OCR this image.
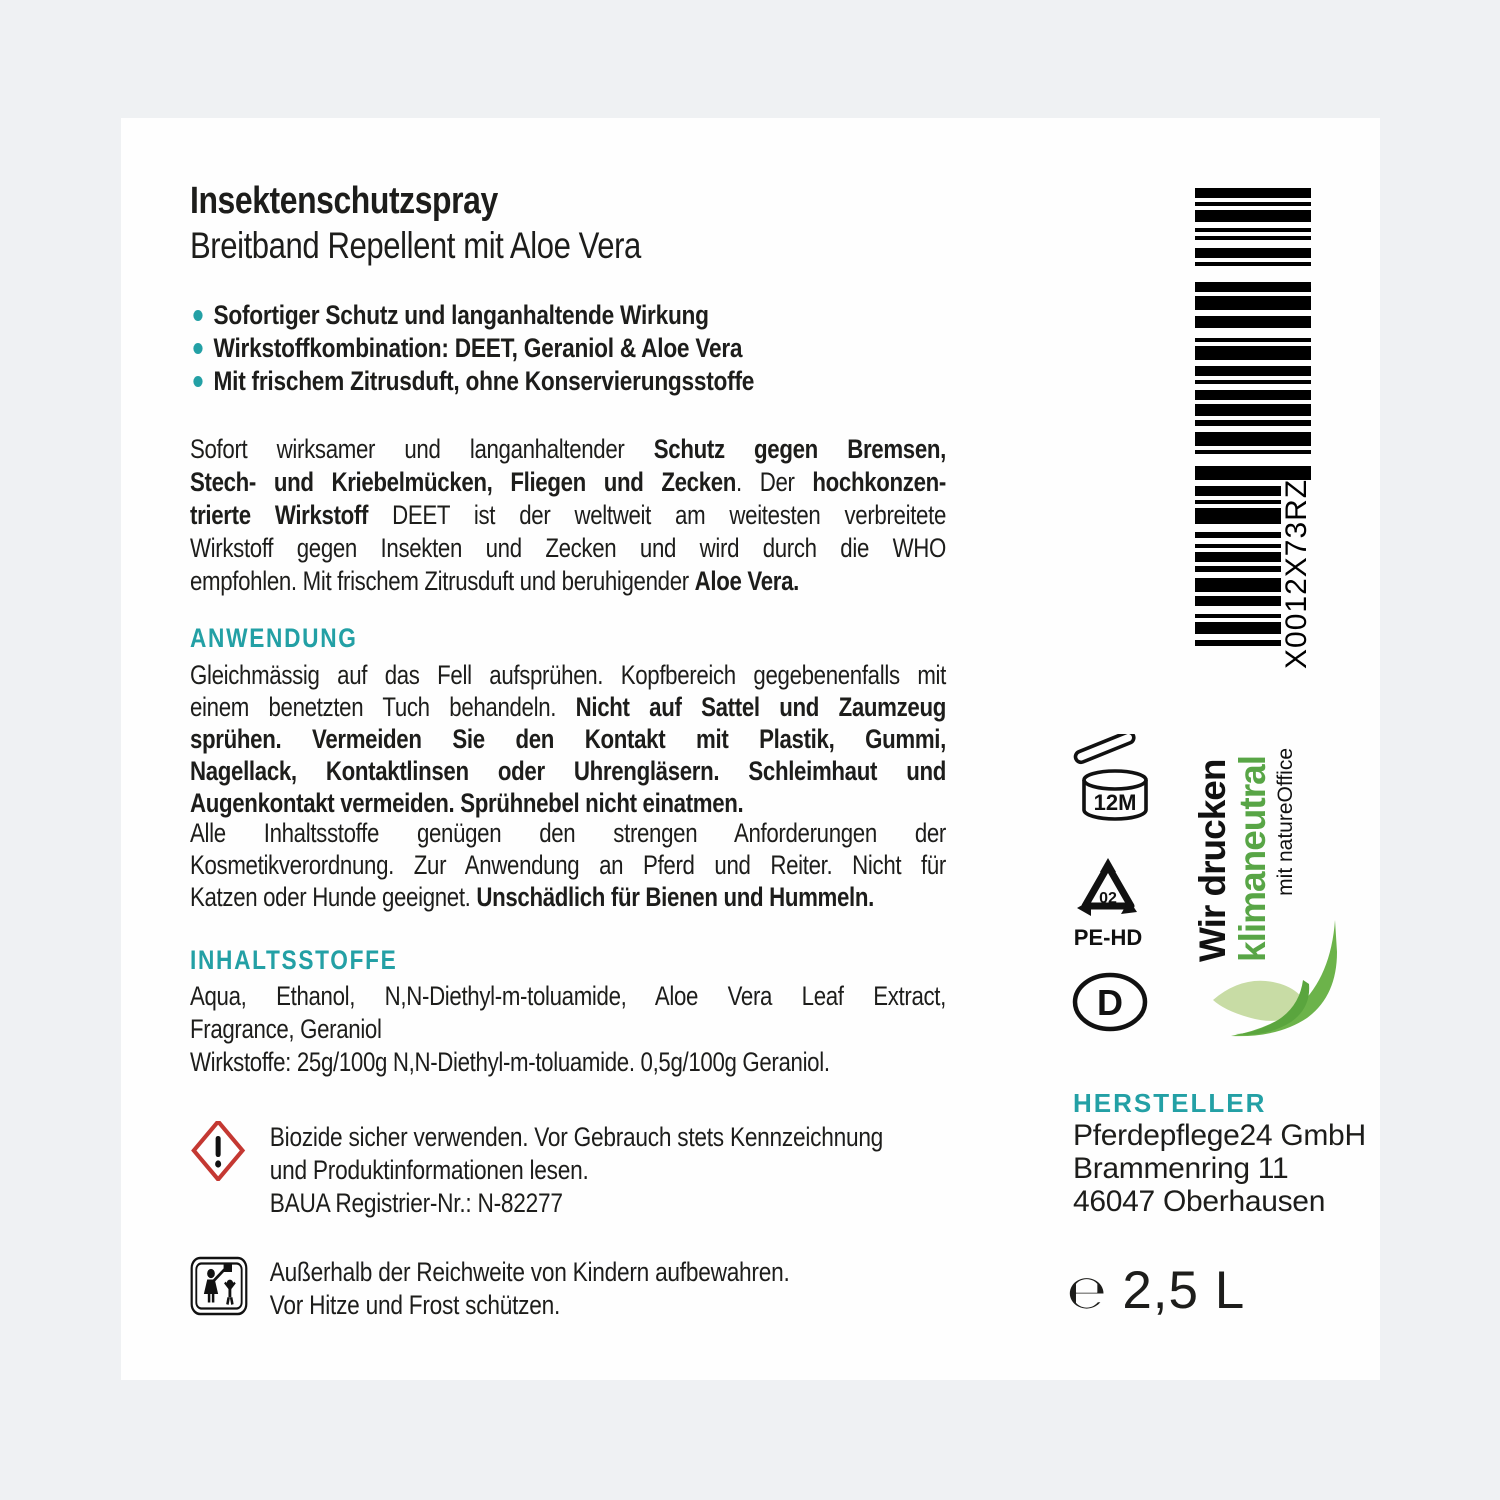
Insektenschutzspray
Breitband Repellent mit Aloe Vera
Sofortiger Schutz und langanhaltende Wirkung
Wirkstoffkombination: DEET, Geraniol & Aloe Vera
Mit frischem Zitrusduft, ohne Konservierungsstoffe
Sofort wirksamer und langanhaltender Schutz gegen Bremsen,
Stech- und Kriebelmücken, Fliegen und Zecken. Der hochkonzen-
trierte Wirkstoff DEET ist der weltweit am weitesten verbreitete
Wirkstoff gegen Insekten und Zecken und wird durch die WHO
empfohlen. Mit frischem Zitrusduft und beruhigender Aloe Vera.
ANWENDUNG
Gleichmässig auf das Fell aufsprühen. Kopfbereich gegebenenfalls mit
einem benetzten Tuch behandeln. Nicht auf Sattel und Zaumzeug
sprühen. Vermeiden Sie den Kontakt mit Plastik, Gummi,
Nagellack, Kontaktlinsen oder Uhrengläsern. Schleimhaut und
Augenkontakt vermeiden. Sprühnebel nicht einatmen.
Alle Inhaltsstoffe genügen den strengen Anforderungen der
Kosmetikverordnung. Zur Anwendung an Pferd und Reiter. Nicht für
Katzen oder Hunde geeignet. Unschädlich für Bienen und Hummeln.
INHALTSSTOFFE
Aqua, Ethanol, N,N-Diethyl-m-toluamide, Aloe Vera Leaf Extract,
Fragrance, Geraniol
Wirkstoffe: 25g/100g N,N-Diethyl-m-toluamide. 0,5g/100g Geraniol.
Biozide sicher verwenden. Vor Gebrauch stets Kennzeichnung
und Produktinformationen lesen.
BAUA Registrier-Nr.: N-82277
Außerhalb der Reichweite von Kindern aufbewahren.
Vor Hitze und Frost schützen.
X0012X73RZ
12M
02
PE-HD
D
Wir drucken klimaneutral mit natureOffice
HERSTELLER
Pferdepflege24 GmbH
Brammenring 11
46047 Oberhausen
℮ 2,5 L
